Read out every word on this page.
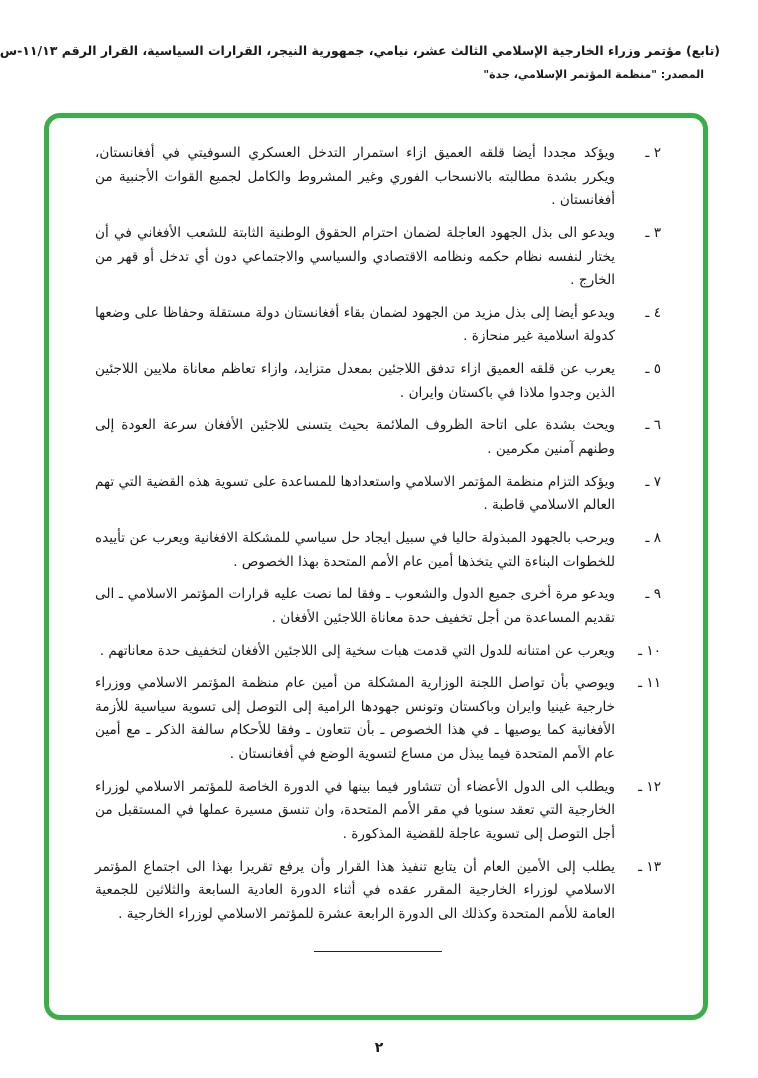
(تابع) مؤتمر وزراء الخارجية الإسلامي الثالث عشر، نيامي، جمهورية النيجر، القرارات السياسية، القرار الرقم ١١/١٣-س
المصدر: "منظمة المؤتمر الإسلامي، جدة"
٢ ـ
ويؤكد مجددا أيضا قلقه العميق ازاء استمرار التدخل العسكري السوفيتي في أفغانستان، ويكرر بشدة مطالبته بالانسحاب الفوري وغير المشروط والكامل لجميع القوات الأجنبية من أفغانستان .
٣ ـ
ويدعو الى بذل الجهود العاجلة لضمان احترام الحقوق الوطنية الثابتة للشعب الأفغاني في أن يختار لنفسه نظام حكمه ونظامه الاقتصادي والسياسي والاجتماعي دون أي تدخل أو قهر من الخارج .
٤ ـ
ويدعو أيضا إلى بذل مزيد من الجهود لضمان بقاء أفغانستان دولة مستقلة وحفاظا على وضعها كدولة اسلامية غير منحازة .
٥ ـ
يعرب عن قلقه العميق ازاء تدفق اللاجئين بمعدل متزايد، وازاء تعاظم معاناة ملايين اللاجئين الذين وجدوا ملاذا في باكستان وايران .
٦ ـ
ويحث بشدة على اتاحة الظروف الملائمة بحيث يتسنى للاجئين الأفغان سرعة العودة إلى وطنهم آمنين مكرمين .
٧ ـ
ويؤكد التزام منظمة المؤتمر الاسلامي واستعدادها للمساعدة على تسوية هذه القضية التي تهم العالم الاسلامي قاطبة .
٨ ـ
ويرحب بالجهود المبذولة حاليا في سبيل ايجاد حل سياسي للمشكلة الافغانية ويعرب عن تأييده للخطوات البناءة التي يتخذها أمين عام الأمم المتحدة بهذا الخصوص .
٩ ـ
ويدعو مرة أخرى جميع الدول والشعوب ـ وفقا لما نصت عليه قرارات المؤتمر الاسلامي ـ الى تقديم المساعدة من أجل تخفيف حدة معاناة اللاجئين الأفغان .
١٠ ـ
ويعرب عن امتنانه للدول التي قدمت هبات سخية إلى اللاجئين الأفغان لتخفيف حدة معاناتهم .
١١ ـ
ويوصي بأن تواصل اللجنة الوزارية المشكلة من أمين عام منظمة المؤتمر الاسلامي ووزراء خارجية غينيا وايران وباكستان وتونس جهودها الرامية إلى التوصل إلى تسوية سياسية للأزمة الأفغانية كما يوصيها ـ في هذا الخصوص ـ بأن تتعاون ـ وفقا للأحكام سالفة الذكر ـ مع أمين عام الأمم المتحدة فيما يبذل من مساع لتسوية الوضع في أفغانستان .
١٢ ـ
ويطلب الى الدول الأعضاء أن تتشاور فيما بينها في الدورة الخاصة للمؤتمر الاسلامي لوزراء الخارجية التي تعقد سنويا في مقر الأمم المتحدة، وان تنسق مسيرة عملها في المستقبل من أجل التوصل إلى تسوية عاجلة للقضية المذكورة .
١٣ ـ
يطلب إلى الأمين العام أن يتابع تنفيذ هذا القرار وأن يرفع تقريرا بهذا الى اجتماع المؤتمر الاسلامي لوزراء الخارجية المقرر عقده في أثناء الدورة العادية السابعة والثلاثين للجمعية العامة للأمم المتحدة وكذلك الى الدورة الرابعة عشرة للمؤتمر الاسلامي لوزراء الخارجية .
٢
